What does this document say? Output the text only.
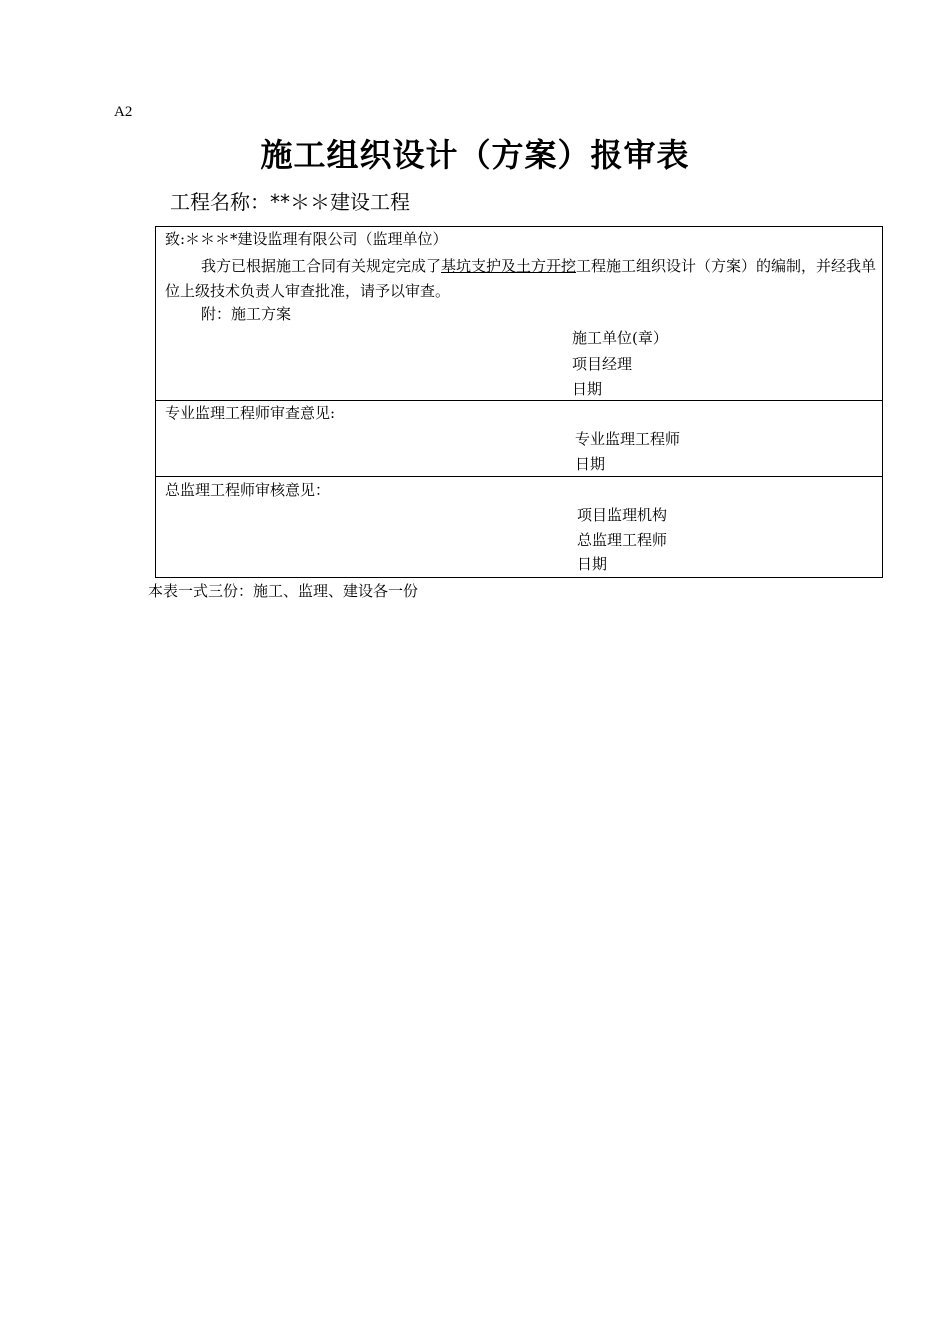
A2
施工组织设计（方案）报审表
工程名称：**＊＊建设工程
致:＊＊＊*建设监理有限公司（监理单位）
我方已根据施工合同有关规定完成了基坑支护及土方开挖工程施工组织设计（方案）的编制，并经我单位上级技术负责人审查批准，请予以审查。
附：施工方案
施工单位(章）
项目经理
日期
专业监理工程师审查意见:
专业监理工程师
日期
总监理工程师审核意见：
项目监理机构
总监理工程师
日期
本表一式三份：施工、监理、建设各一份
